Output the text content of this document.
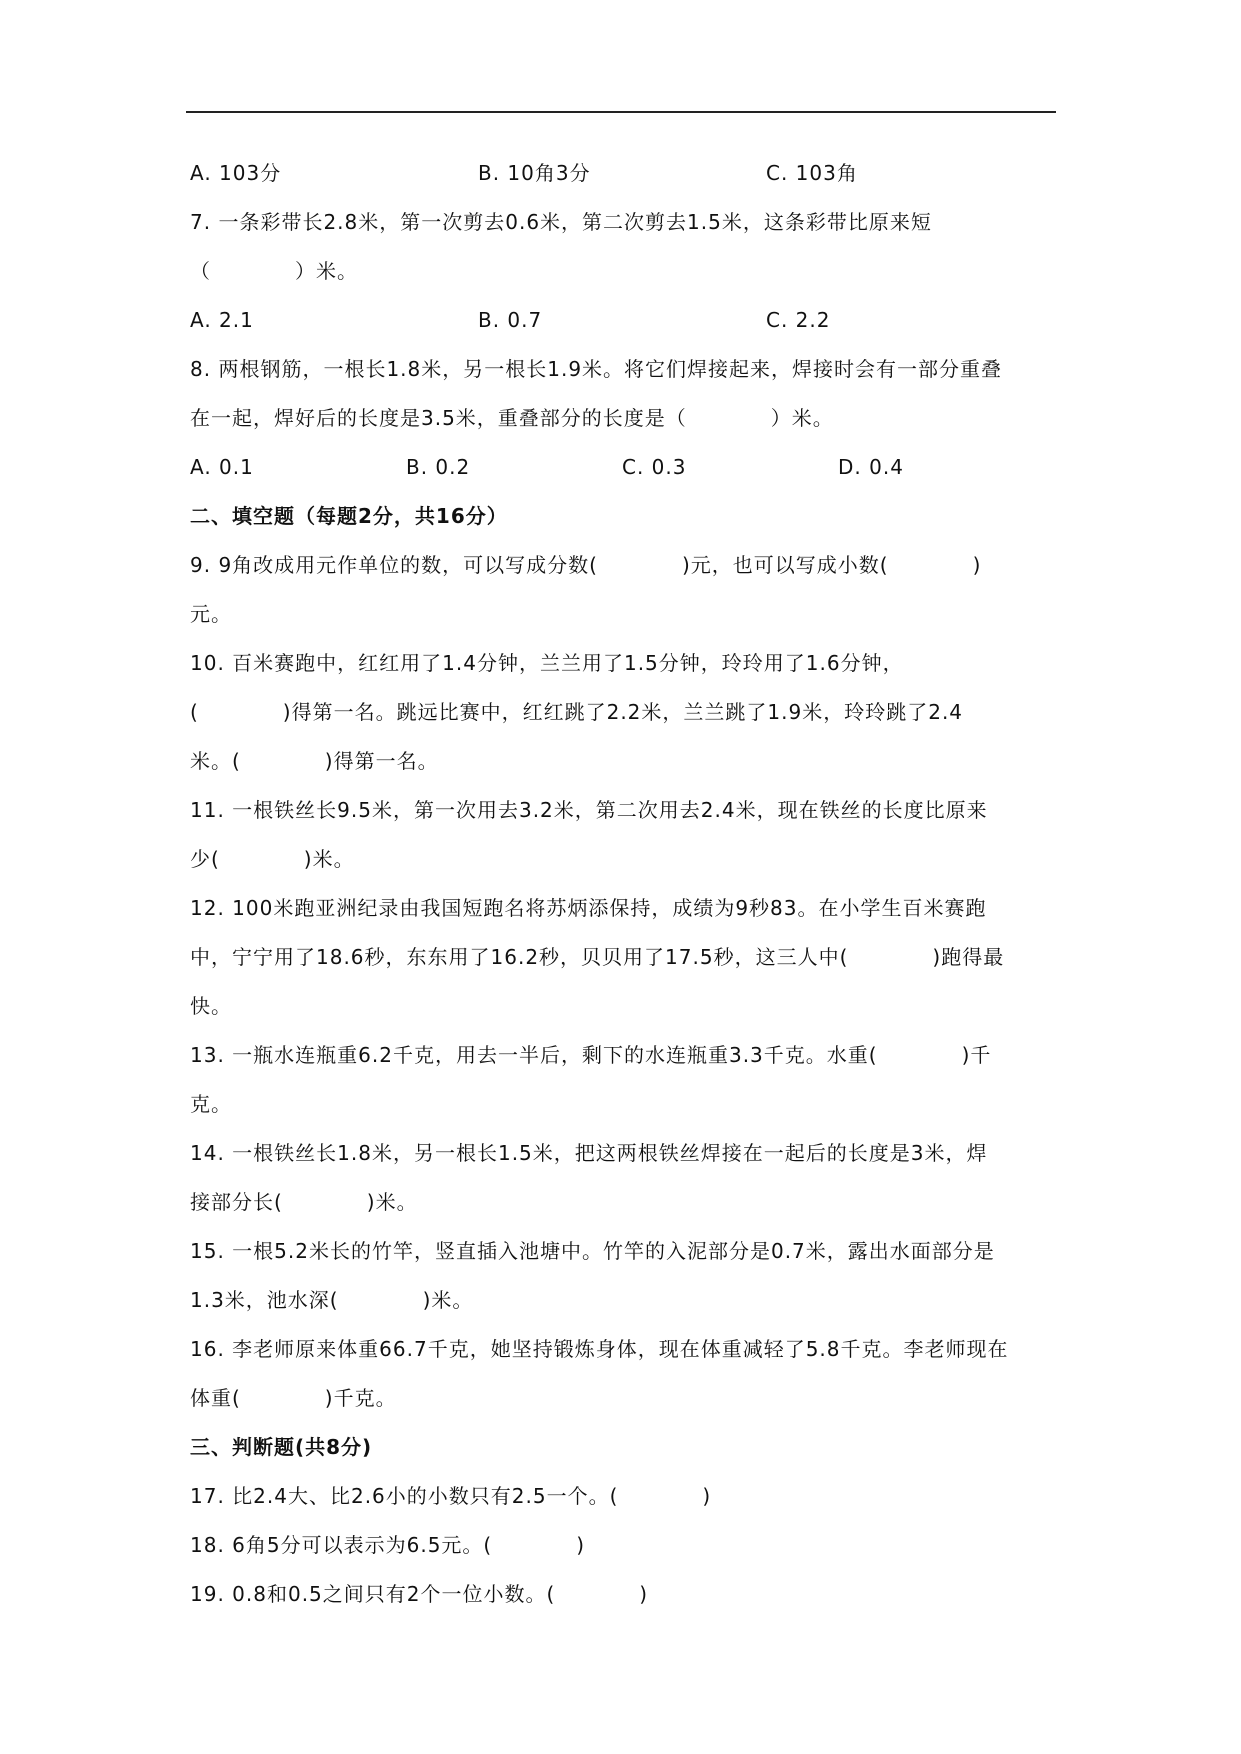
A. 103分

	B. 10角3分

	C. 103角

7. 一条彩带长2.8米，第一次剪去0.6米，第二次剪去1.5米，这条彩带比原来短
（　　　　）米。

A. 2.1

	B. 0.7

	C. 2.2

8. 两根钢筋，一根长1.8米，另一根长1.9米。将它们焊接起来，焊接时会有一部分重叠
在一起，焊好后的长度是3.5米，重叠部分的长度是（　　　　）米。

A. 0.1

	B. 0.2

	C. 0.3

	D. 0.4

二、填空题（每题2分，共16分）
9. 9角改成用元作单位的数，可以写成分数(　　　　)元，也可以写成小数(　　　　)
元。
10. 百米赛跑中，红红用了1.4分钟，兰兰用了1.5分钟，玲玲用了1.6分钟，
(　　　　)得第一名。跳远比赛中，红红跳了2.2米，兰兰跳了1.9米，玲玲跳了2.4
米。(　　　　)得第一名。
11. 一根铁丝长9.5米，第一次用去3.2米，第二次用去2.4米，现在铁丝的长度比原来
少(　　　　)米。
12. 100米跑亚洲纪录由我国短跑名将苏炳添保持，成绩为9秒83。在小学生百米赛跑
中，宁宁用了18.6秒，东东用了16.2秒，贝贝用了17.5秒，这三人中(　　　　)跑得最
快。
13. 一瓶水连瓶重6.2千克，用去一半后，剩下的水连瓶重3.3千克。水重(　　　　)千
克。
14. 一根铁丝长1.8米，另一根长1.5米，把这两根铁丝焊接在一起后的长度是3米，焊
接部分长(　　　　)米。
15. 一根5.2米长的竹竿，竖直插入池塘中。竹竿的入泥部分是0.7米，露出水面部分是
1.3米，池水深(　　　　)米。
16. 李老师原来体重66.7千克，她坚持锻炼身体，现在体重减轻了5.8千克。李老师现在
体重(　　　　)千克。
三、判断题(共8分)
17. 比2.4大、比2.6小的小数只有2.5一个。(　　　　)
18. 6角5分可以表示为6.5元。(　　　　)
19. 0.8和0.5之间只有2个一位小数。(　　　　)
